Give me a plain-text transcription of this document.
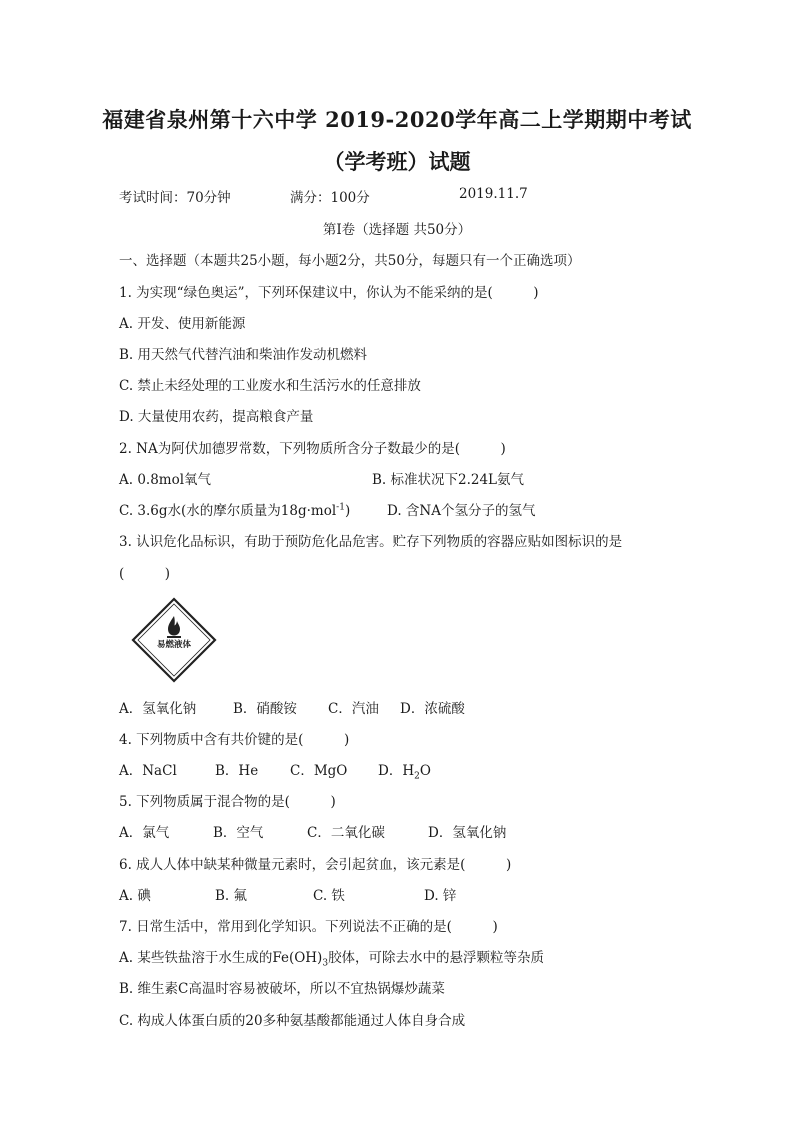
福建省泉州第十六中学 2019-2020学年高二上学期期中考试
（学考班）试题
考试时间：70分钟	满分：100分	2019.11.7
第Ⅰ卷（选择题 共50分）
一、选择题（本题共25小题，每小题2分，共50分，每题只有一个正确选项）
1. 为实现“绿色奥运”，下列环保建议中，你认为不能采纳的是(　　　)
A. 开发、使用新能源
B. 用天然气代替汽油和柴油作发动机燃料
C. 禁止未经处理的工业废水和生活污水的任意排放
D. 大量使用农药，提高粮食产量
2. NA为阿伏加德罗常数，下列物质所含分子数最少的是(　　　)
A. 0.8mol氧气	B. 标准状况下2.24L氨气
C. 3.6g水(水的摩尔质量为18g·mol$^{-1}$)	D. 含NA个氢分子的氢气
3. 认识危化品标识，有助于预防危化品危害。贮存下列物质的容器应贴如图标识的是
(　　　)
易燃液体
A．氢氧化钠	B．硝酸铵 C．汽油 D．浓硫酸
4. 下列物质中含有共价键的是(　　　)
A．NaCl	B．He C．MgO D．$H_2O$
5. 下列物质属于混合物的是(　　　)
A．氯气	B．空气	C．二氧化碳	D．氢氧化钠
6. 成人人体中缺某种微量元素时，会引起贫血，该元素是(　　　)
A. 碘	B. 氟	C. 铁	D. 锌
7. 日常生活中，常用到化学知识。下列说法不正确的是(　　　)
A. 某些铁盐溶于水生成的$Fe(OH)_3$胶体，可除去水中的悬浮颗粒等杂质
B. 维生素C高温时容易被破坏，所以不宜热锅爆炒蔬菜
C. 构成人体蛋白质的20多种氨基酸都能通过人体自身合成
